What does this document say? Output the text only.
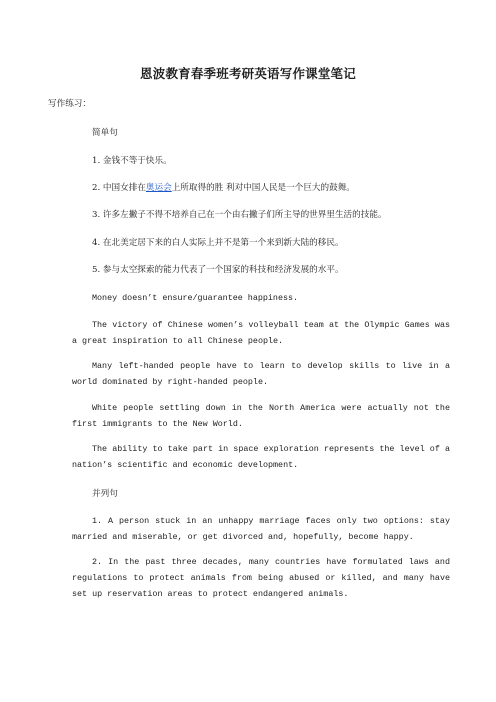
恩波教育春季班考研英语写作课堂笔记
写作练习：
简单句
1. 金钱不等于快乐。
2. 中国女排在奥运会上所取得的胜 利对中国人民是一个巨大的鼓舞。
3. 许多左撇子不得不培养自己在一个由右撇子们所主导的世界里生活的技能。
4. 在北美定居下来的白人实际上并不是第一个来到新大陆的移民。
5. 参与太空探索的能力代表了一个国家的科技和经济发展的水平。
Money doesn’t ensure/guarantee happiness.

The victory of Chinese women’s volleyball team at the Olympic Games was a great inspiration to all Chinese people.

Many left-handed people have to learn to develop skills to live in a world dominated by right-handed people.

White people settling down in the North America were actually not the first immigrants to the New World.

The ability to take part in space exploration represents the level of a nation’s scientific and economic development.

并列句

1. A person stuck in an unhappy marriage faces only two options: stay married and miserable, or get divorced and, hopefully, become happy.

2. In the past three decades, many countries have formulated laws and regulations to protect animals from being abused or killed, and many have set up reservation areas to protect endangered animals.
